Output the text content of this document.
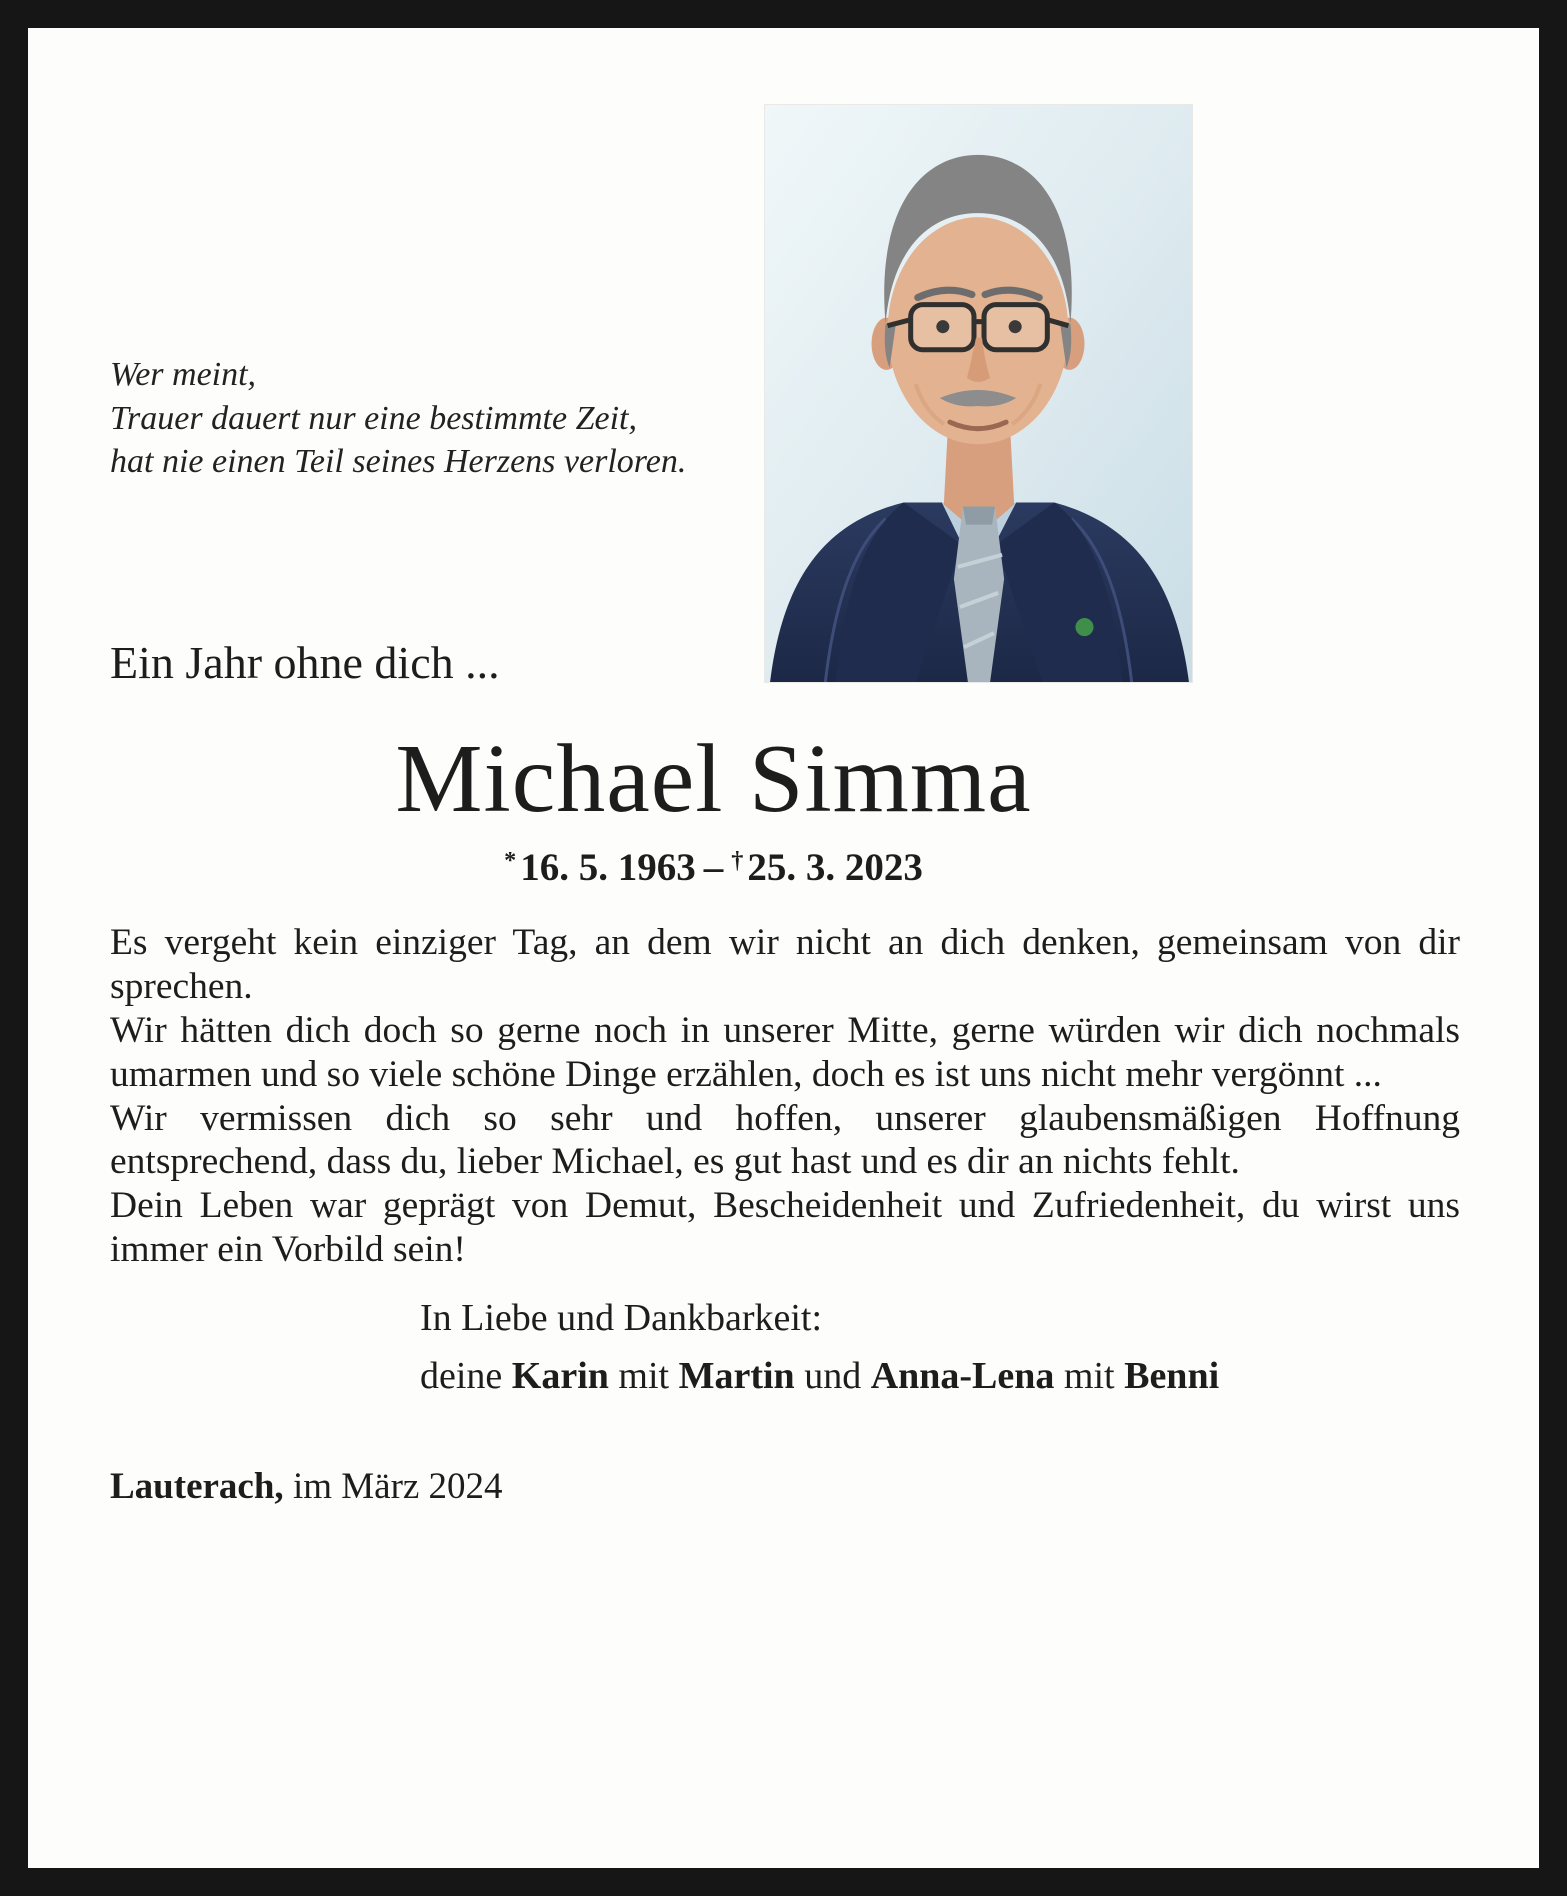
Wer meint,
Trauer dauert nur eine bestimmte Zeit,
hat nie einen Teil seines Herzens verloren.
Ein Jahr ohne dich ...
Michael Simma
* 16. 5. 1963 – † 25. 3. 2023

Es vergeht kein einziger Tag, an dem wir nicht an dich denken, gemeinsam von dir sprechen.

Wir hätten dich doch so gerne noch in unserer Mitte, gerne würden wir dich nochmals umarmen und so viele schöne Dinge erzählen, doch es ist uns nicht mehr vergönnt ...

Wir vermissen dich so sehr und hoffen, unserer glaubensmäßigen Hoffnung entsprechend, dass du, lieber Michael, es gut hast und es dir an nichts fehlt.

Dein Leben war geprägt von Demut, Bescheidenheit und Zufriedenheit, du wirst uns immer ein Vorbild sein!

In Liebe und Dankbarkeit:
deine Karin mit Martin und Anna-Lena mit Benni
Lauterach, im März 2024
